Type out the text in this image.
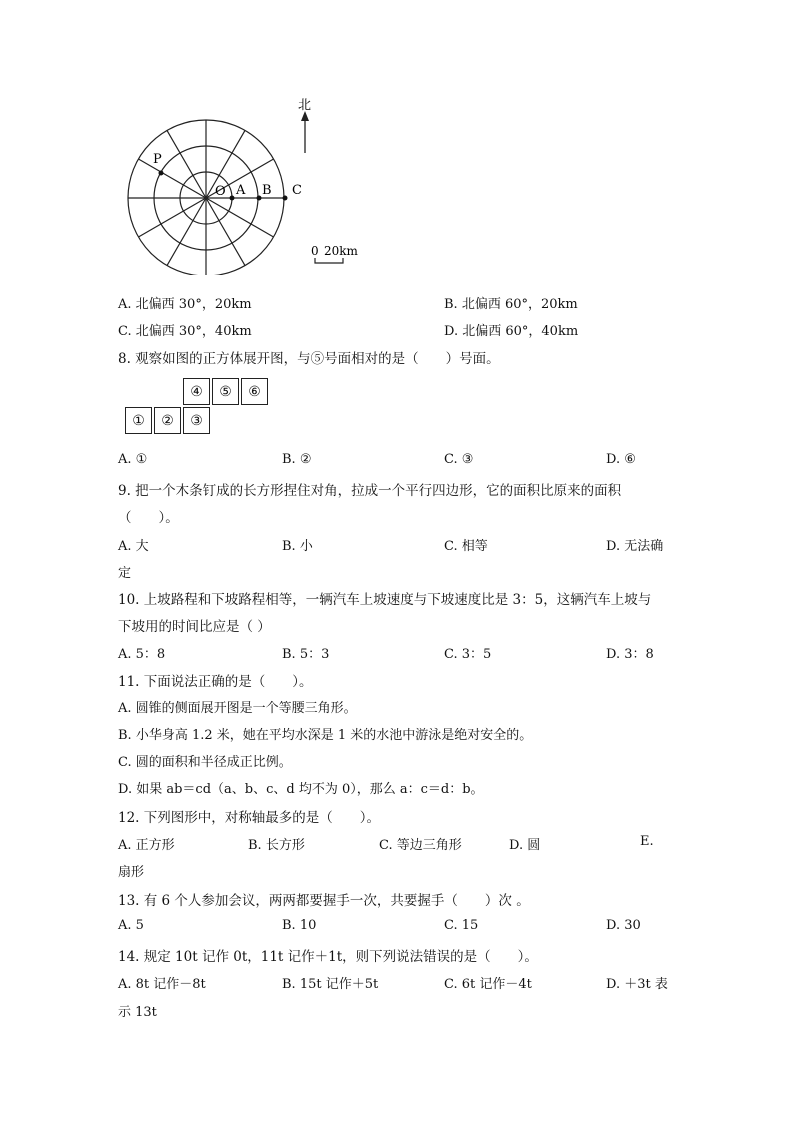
北
O A B C
P
0 20km
A. 北偏西 30°，20km	B. 北偏西 60°，20km
C. 北偏西 30°，40km	D. 北偏西 60°，40km
8. 观察如图的正方体展开图，与⑤号面相对的是（　　）号面。
④	⑤	⑥
①	②	③
A. ①	B. ②	C. ③	D. ⑥
9. 把一个木条钉成的长方形捏住对角，拉成一个平行四边形，它的面积比原来的面积
（　　）。
A. 大	B. 小	C. 相等	D. 无法确
定
10. 上坡路程和下坡路程相等，一辆汽车上坡速度与下坡速度比是 3：5，这辆汽车上坡与
下坡用的时间比应是（ ）
A. 5：8	B. 5：3	C. 3：5	D. 3：8
11. 下面说法正确的是（　　）。
A. 圆锥的侧面展开图是一个等腰三角形。
B. 小华身高 1.2 米，她在平均水深是 1 米的水池中游泳是绝对安全的。
C. 圆的面积和半径成正比例。
D. 如果 ab＝cd（a、b、c、d 均不为 0），那么 a：c＝d：b。
12. 下列图形中，对称轴最多的是（　　）。
A. 正方形	B. 长方形	C. 等边三角形	D. 圆	E.
扇形
13. 有 6 个人参加会议，两两都要握手一次，共要握手（　　）次 。
A. 5	B. 10	C. 15	D. 30
14. 规定 10t 记作 0t，11t 记作＋1t，则下列说法错误的是（　　）。
A. 8t 记作－8t	B. 15t 记作＋5t	C. 6t 记作－4t	D. ＋3t 表
示 13t
